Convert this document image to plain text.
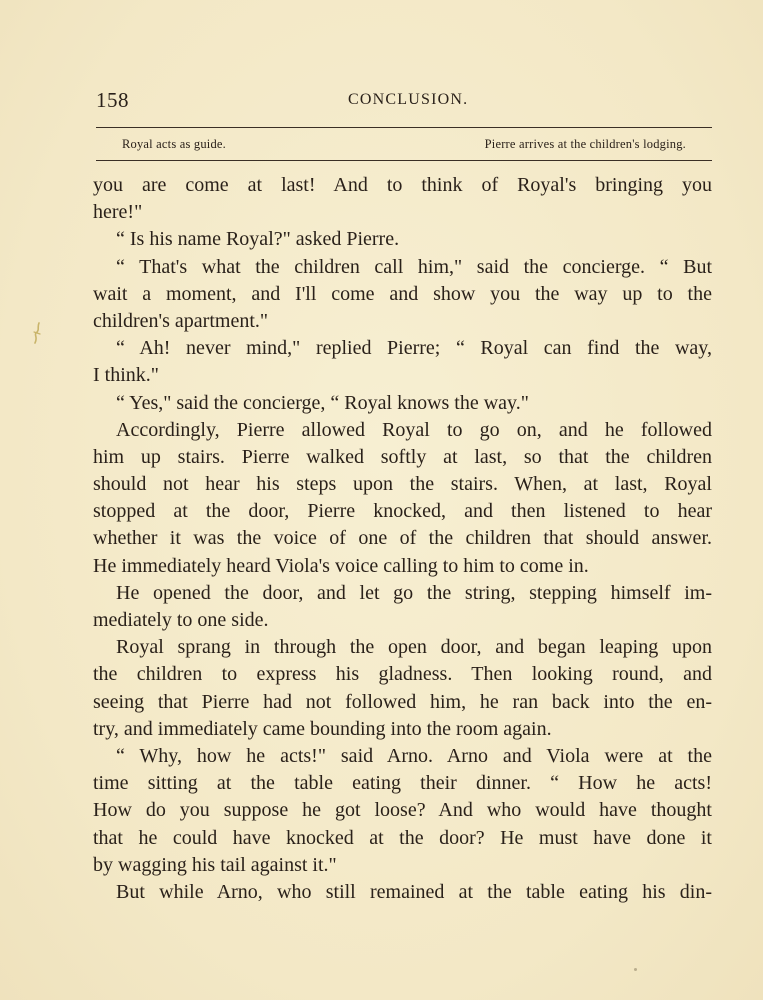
158	CONCLUSION.
Royal acts as guide.	Pierre arrives at the children's lodging.
you are come at last! And to think of Royal's bringing you
here!"
“ Is his name Royal?" asked Pierre.
“ That's what the children call him," said the concierge. “ But
wait a moment, and I'll come and show you the way up to the
children's apartment."
“ Ah! never mind," replied Pierre; “ Royal can find the way,
I think."
“ Yes," said the concierge, “ Royal knows the way."
Accordingly, Pierre allowed Royal to go on, and he followed
him up stairs. Pierre walked softly at last, so that the children
should not hear his steps upon the stairs. When, at last, Royal
stopped at the door, Pierre knocked, and then listened to hear
whether it was the voice of one of the children that should answer.
He immediately heard Viola's voice calling to him to come in.
He opened the door, and let go the string, stepping himself im-
mediately to one side.
Royal sprang in through the open door, and began leaping upon
the children to express his gladness. Then looking round, and
seeing that Pierre had not followed him, he ran back into the en-
try, and immediately came bounding into the room again.
“ Why, how he acts!" said Arno. Arno and Viola were at the
time sitting at the table eating their dinner. “ How he acts!
How do you suppose he got loose? And who would have thought
that he could have knocked at the door? He must have done it
by wagging his tail against it."
But while Arno, who still remained at the table eating his din-
